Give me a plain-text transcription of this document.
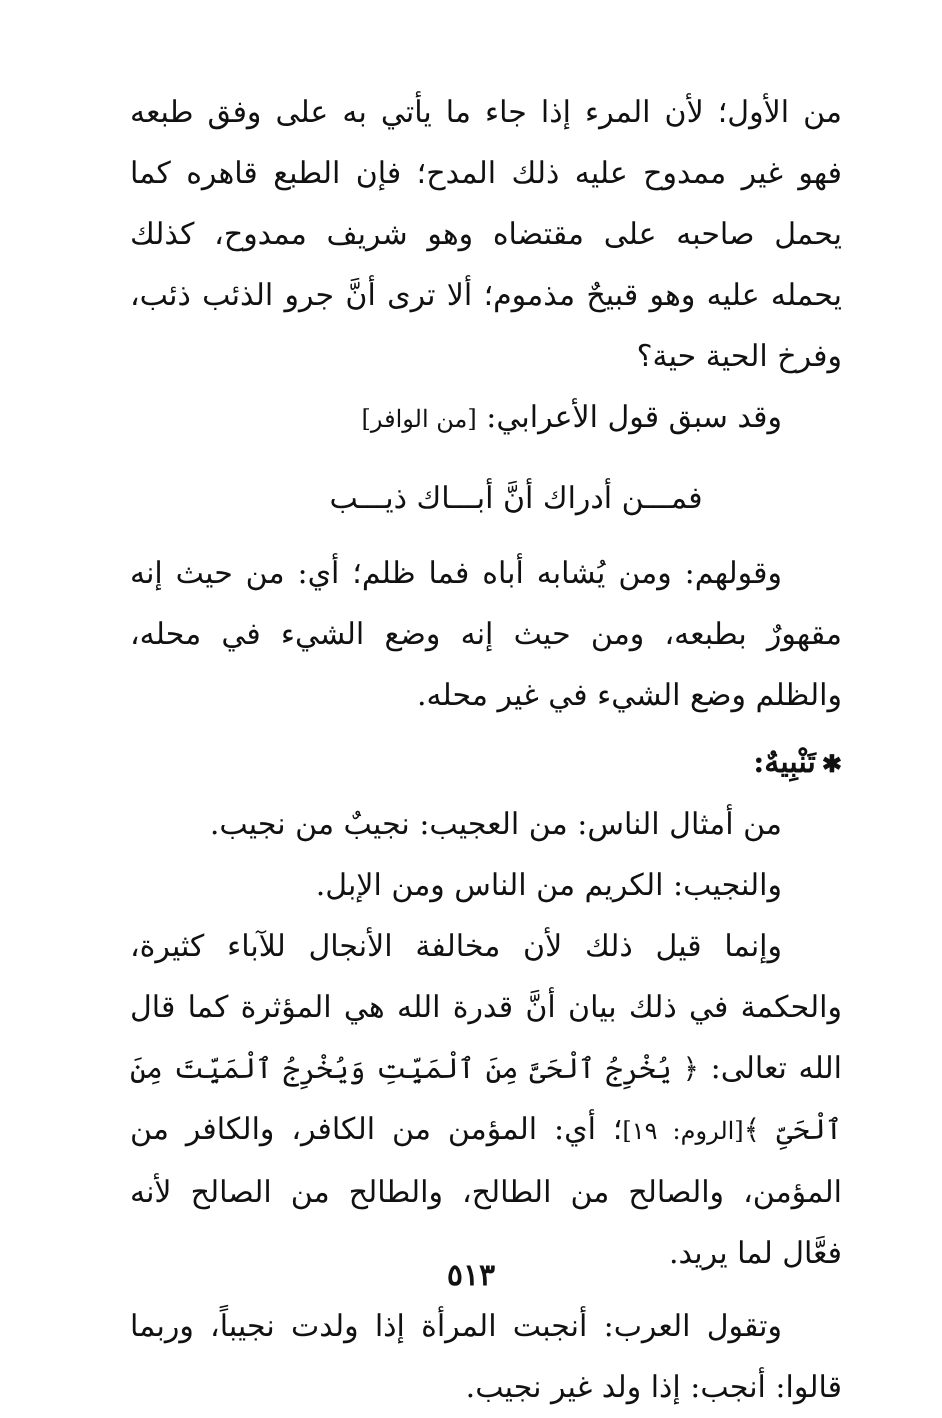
من الأول؛ لأن المرء إذا جاء ما يأتي به على وفق طبعه فهو غير ممدوح عليه ذلك المدح؛ فإن الطبع قاهره كما يحمل صاحبه على مقتضاه وهو شريف ممدوح، كذلك يحمله عليه وهو قبيحٌ مذموم؛ ألا ترى أنَّ جرو الذئب ذئب، وفرخ الحية حية؟

وقد سبق قول الأعرابي: [من الوافر]

فمـــن أدراك أنَّ أبـــاك ذيـــب

وقولهم: ومن يُشابه أباه فما ظلم؛ أي: من حيث إنه مقهورٌ بطبعه، ومن حيث إنه وضع الشيء في محله، والظلم وضع الشيء في غير محله.

✱تَنْبِيهٌ:

من أمثال الناس: من العجيب: نجيبٌ من نجيب.

والنجيب: الكريم من الناس ومن الإبل.

وإنما قيل ذلك لأن مخالفة الأنجال للآباء كثيرة، والحكمة في ذلك بيان أنَّ قدرة الله هي المؤثرة كما قال الله تعالى: ﴿ يُخْرِجُ ٱلْحَىَّ مِنَ ٱلْمَيِّتِ وَيُخْرِجُ ٱلْمَيِّتَ مِنَ ٱلْحَىِّ ﴾[الروم: ١٩]؛ أي: المؤمن من الكافر، والكافر من المؤمن، والصالح من الطالح، والطالح من الصالح لأنه فعَّال لما يريد.

وتقول العرب: أنجبت المرأة إذا ولدت نجيباً، وربما قالوا: أنجب: إذا ولد غير نجيب.

٥١٣
